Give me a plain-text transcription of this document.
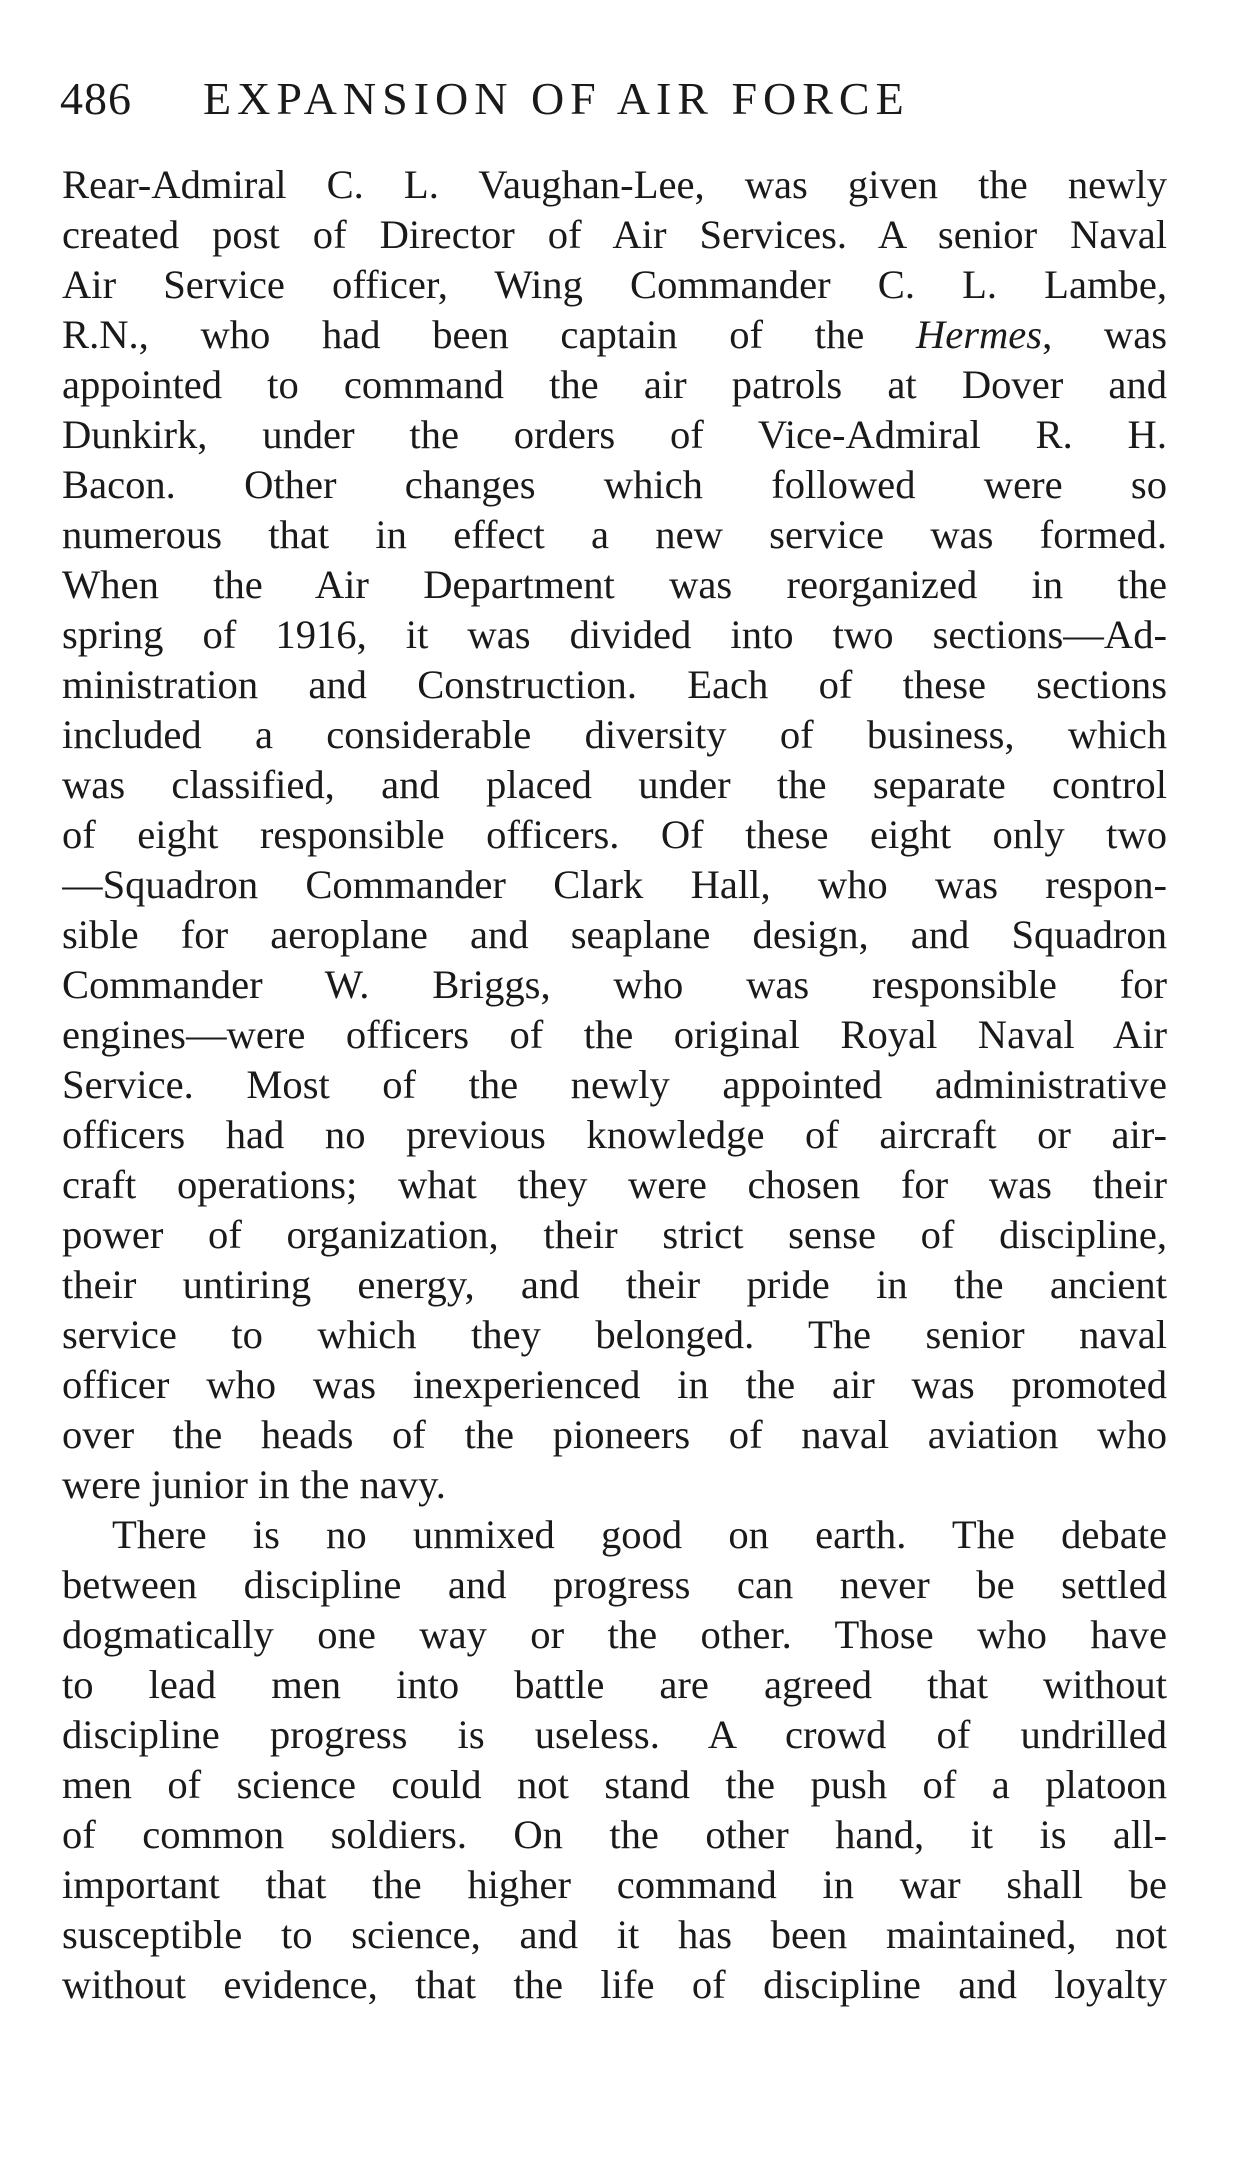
486 EXPANSION OF AIR FORCE
Rear-Admiral C. L. Vaughan-Lee, was given the newly
created post of Director of Air Services. A senior Naval
Air Service officer, Wing Commander C. L. Lambe,
R.N., who had been captain of the Hermes, was
appointed to command the air patrols at Dover and
Dunkirk, under the orders of Vice-Admiral R. H.
Bacon. Other changes which followed were so
numerous that in effect a new service was formed.
When the Air Department was reorganized in the
spring of 1916, it was divided into two sections—Ad-
ministration and Construction. Each of these sections
included a considerable diversity of business, which
was classified, and placed under the separate control
of eight responsible officers. Of these eight only two
—Squadron Commander Clark Hall, who was respon-
sible for aeroplane and seaplane design, and Squadron
Commander W. Briggs, who was responsible for
engines—were officers of the original Royal Naval Air
Service. Most of the newly appointed administrative
officers had no previous knowledge of aircraft or air-
craft operations; what they were chosen for was their
power of organization, their strict sense of discipline,
their untiring energy, and their pride in the ancient
service to which they belonged. The senior naval
officer who was inexperienced in the air was promoted
over the heads of the pioneers of naval aviation who
were junior in the navy.
There is no unmixed good on earth. The debate
between discipline and progress can never be settled
dogmatically one way or the other. Those who have
to lead men into battle are agreed that without
discipline progress is useless. A crowd of undrilled
men of science could not stand the push of a platoon
of common soldiers. On the other hand, it is all-
important that the higher command in war shall be
susceptible to science, and it has been maintained, not
without evidence, that the life of discipline and loyalty
